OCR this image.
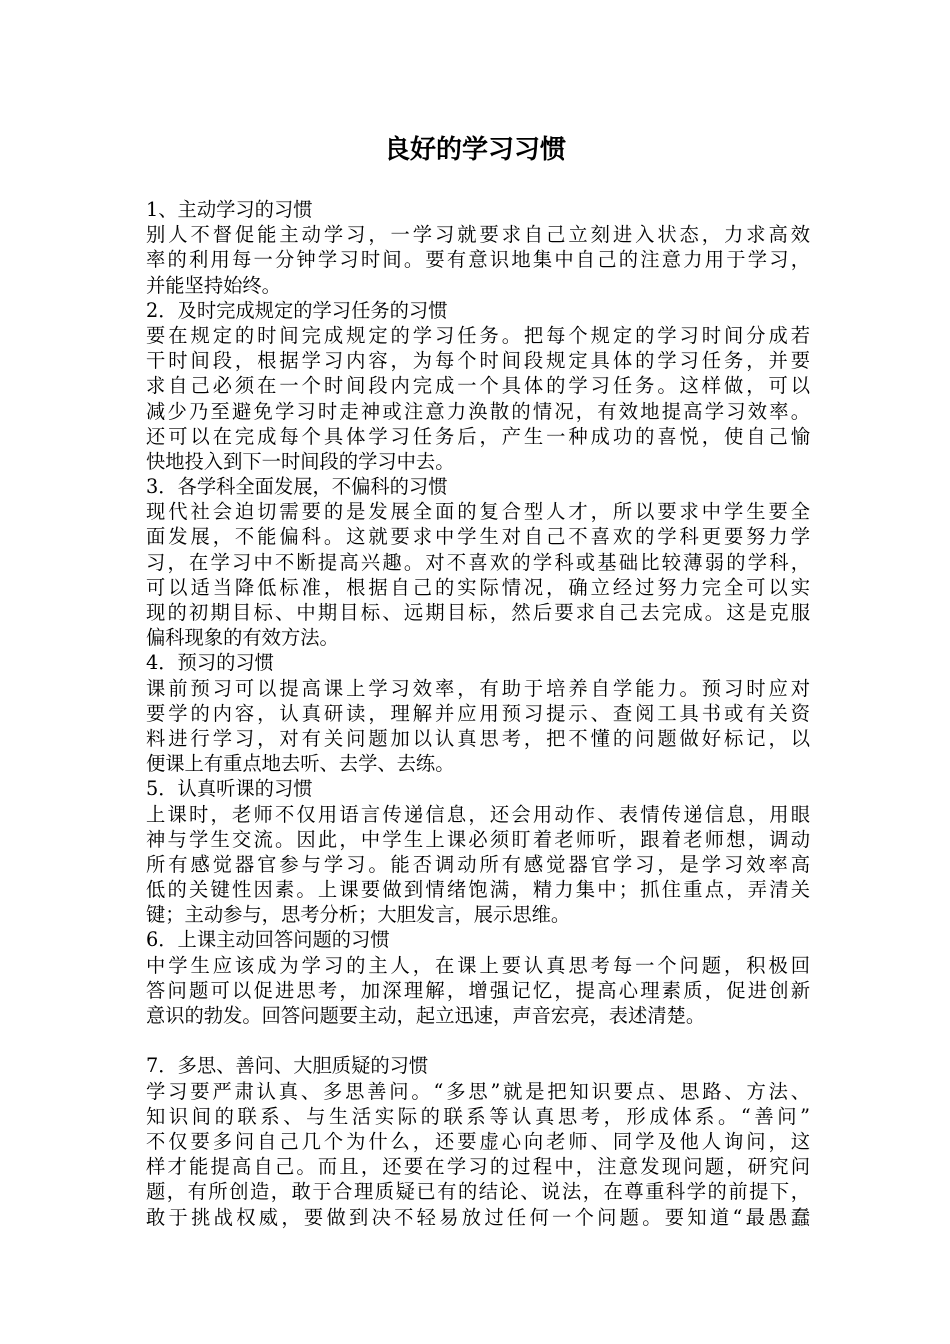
良好的学习习惯
1、主动学习的习惯
别人不督促能主动学习，一学习就要求自己立刻进入状态，力求高效
率的利用每一分钟学习时间。要有意识地集中自己的注意力用于学习，
并能坚持始终。
2．及时完成规定的学习任务的习惯
要在规定的时间完成规定的学习任务。把每个规定的学习时间分成若
干时间段，根据学习内容，为每个时间段规定具体的学习任务，并要
求自己必须在一个时间段内完成一个具体的学习任务。这样做，可以
减少乃至避免学习时走神或注意力涣散的情况，有效地提高学习效率。
还可以在完成每个具体学习任务后，产生一种成功的喜悦，使自己愉
快地投入到下一时间段的学习中去。
3．各学科全面发展，不偏科的习惯
现代社会迫切需要的是发展全面的复合型人才，所以要求中学生要全
面发展，不能偏科。这就要求中学生对自己不喜欢的学科更要努力学
习，在学习中不断提高兴趣。对不喜欢的学科或基础比较薄弱的学科，
可以适当降低标准，根据自己的实际情况，确立经过努力完全可以实
现的初期目标、中期目标、远期目标，然后要求自己去完成。这是克服
偏科现象的有效方法。
4．预习的习惯
课前预习可以提高课上学习效率，有助于培养自学能力。预习时应对
要学的内容，认真研读，理解并应用预习提示、查阅工具书或有关资
料进行学习，对有关问题加以认真思考，把不懂的问题做好标记，以
便课上有重点地去听、去学、去练。
5．认真听课的习惯
上课时，老师不仅用语言传递信息，还会用动作、表情传递信息，用眼
神与学生交流。因此，中学生上课必须盯着老师听，跟着老师想，调动
所有感觉器官参与学习。能否调动所有感觉器官学习，是学习效率高
低的关键性因素。上课要做到情绪饱满，精力集中；抓住重点，弄清关
键；主动参与，思考分析；大胆发言，展示思维。
6．上课主动回答问题的习惯
中学生应该成为学习的主人，在课上要认真思考每一个问题，积极回
答问题可以促进思考，加深理解，增强记忆，提高心理素质，促进创新
意识的勃发。回答问题要主动，起立迅速，声音宏亮，表述清楚。
7．多思、善问、大胆质疑的习惯
学习要严肃认真、多思善问。“多思”就是把知识要点、思路、方法、
知识间的联系、与生活实际的联系等认真思考，形成体系。“善问”
不仅要多问自己几个为什么，还要虚心向老师、同学及他人询问，这
样才能提高自己。而且，还要在学习的过程中，注意发现问题，研究问
题，有所创造，敢于合理质疑已有的结论、说法，在尊重科学的前提下，
敢于挑战权威，要做到决不轻易放过任何一个问题。要知道“最愚蠢
